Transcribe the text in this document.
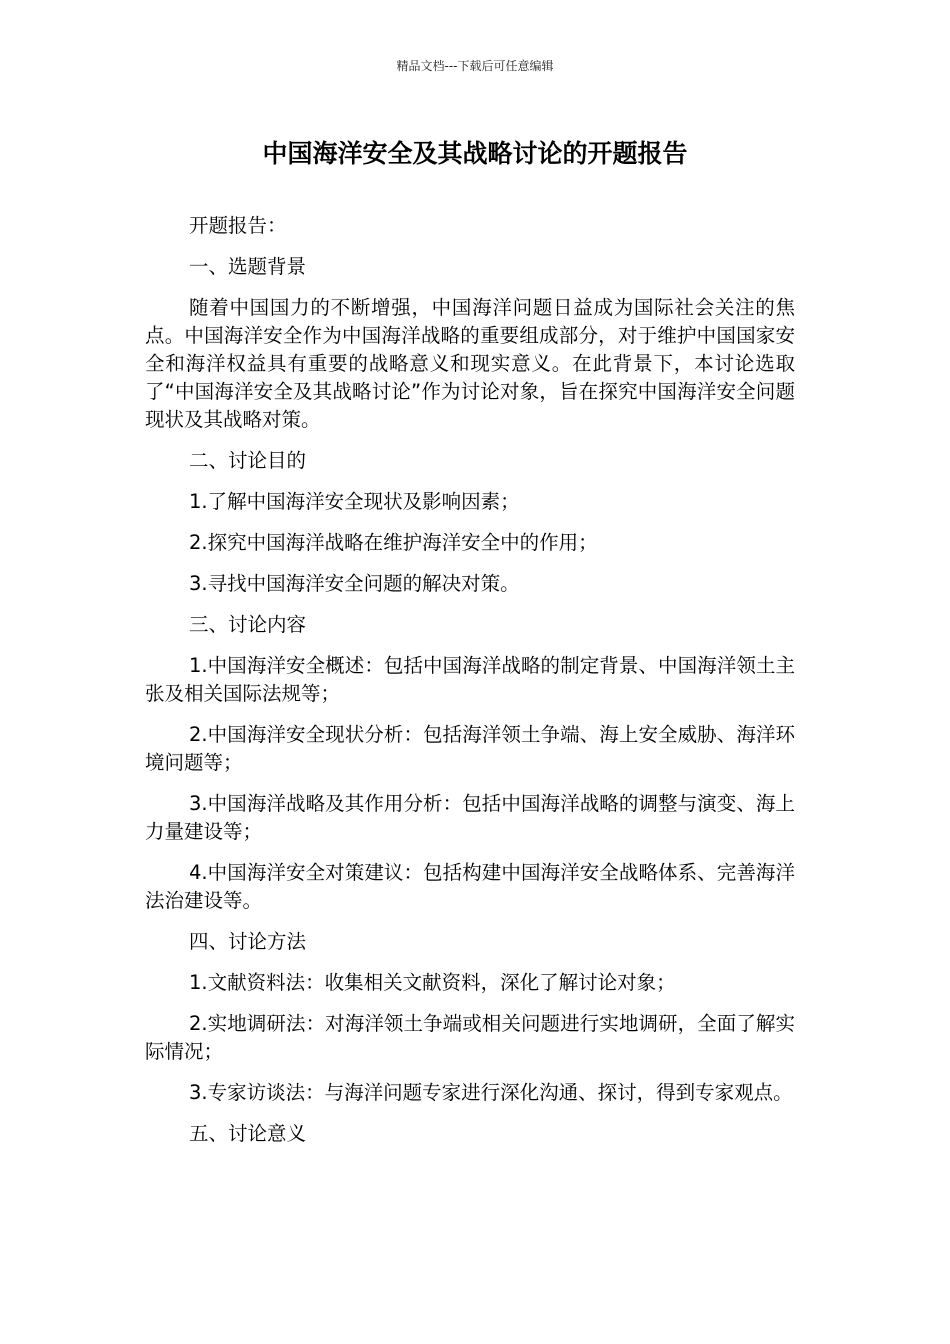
精品文档---下载后可任意编辑
中国海洋安全及其战略讨论的开题报告

开题报告：

一、选题背景

随着中国国力的不断增强，中国海洋问题日益成为国际社会关注的焦点。中国海洋安全作为中国海洋战略的重要组成部分，对于维护中国国家安全和海洋权益具有重要的战略意义和现实意义。在此背景下，本讨论选取了“中国海洋安全及其战略讨论”作为讨论对象，旨在探究中国海洋安全问题现状及其战略对策。

二、讨论目的

1.了解中国海洋安全现状及影响因素；

2.探究中国海洋战略在维护海洋安全中的作用；

3.寻找中国海洋安全问题的解决对策。

三、讨论内容

1.中国海洋安全概述：包括中国海洋战略的制定背景、中国海洋领土主张及相关国际法规等；

2.中国海洋安全现状分析：包括海洋领土争端、海上安全威胁、海洋环境问题等；

3.中国海洋战略及其作用分析：包括中国海洋战略的调整与演变、海上力量建设等；

4.中国海洋安全对策建议：包括构建中国海洋安全战略体系、完善海洋法治建设等。

四、讨论方法

1.文献资料法：收集相关文献资料，深化了解讨论对象；

2.实地调研法：对海洋领土争端或相关问题进行实地调研，全面了解实际情况；

3.专家访谈法：与海洋问题专家进行深化沟通、探讨，得到专家观点。

五、讨论意义
